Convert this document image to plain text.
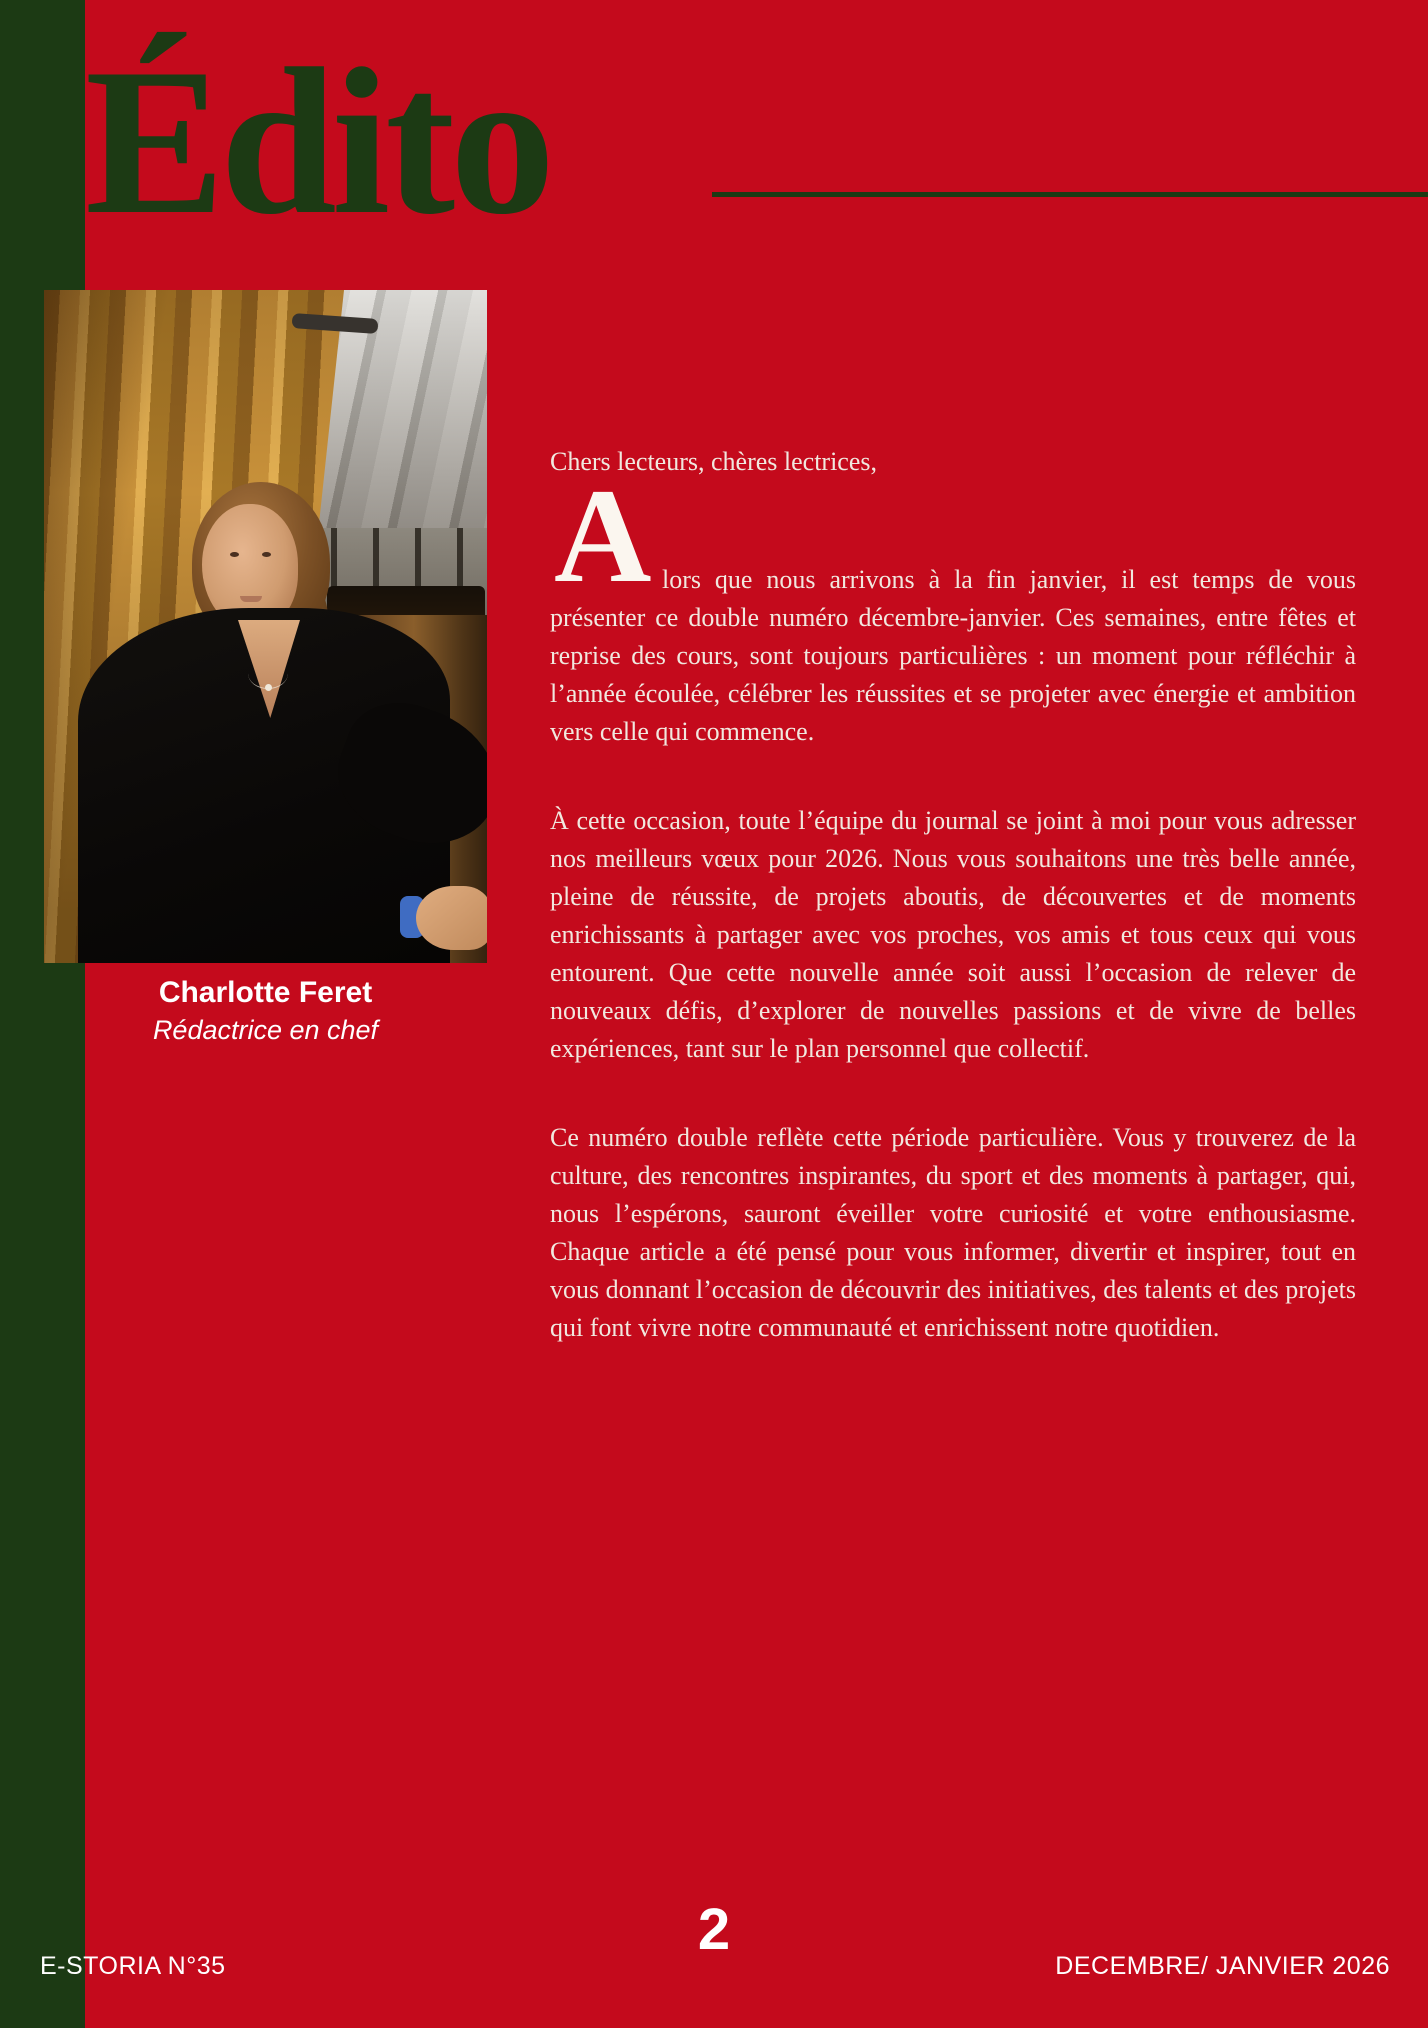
Édito
Charlotte Feret
Rédactrice en chef

Chers lecteurs, chères lectrices,

A lors que nous arrivons à la fin janvier, il est temps de vous présenter ce double numéro décembre-janvier. Ces semaines, entre fêtes et reprise des cours, sont toujours particulières : un moment pour réfléchir à l’année écoulée, célébrer les réussites et se projeter avec énergie et ambition vers celle qui commence.

À cette occasion, toute l’équipe du journal se joint à moi pour vous adresser nos meilleurs vœux pour 2026. Nous vous souhaitons une très belle année, pleine de réussite, de projets aboutis, de découvertes et de moments enrichissants à partager avec vos proches, vos amis et tous ceux qui vous entourent. Que cette nouvelle année soit aussi l’occasion de relever de nouveaux défis, d’explorer de nouvelles passions et de vivre de belles expériences, tant sur le plan personnel que collectif.

Ce numéro double reflète cette période particulière. Vous y trouverez de la culture, des rencontres inspirantes, du sport et des moments à partager, qui, nous l’espérons, sauront éveiller votre curiosité et votre enthousiasme. Chaque article a été pensé pour vous informer, divertir et inspirer, tout en vous donnant l’occasion de découvrir des initiatives, des talents et des projets qui font vivre notre communauté et enrichissent notre quotidien.

E-STORIA N°35
2
DECEMBRE/ JANVIER 2026
